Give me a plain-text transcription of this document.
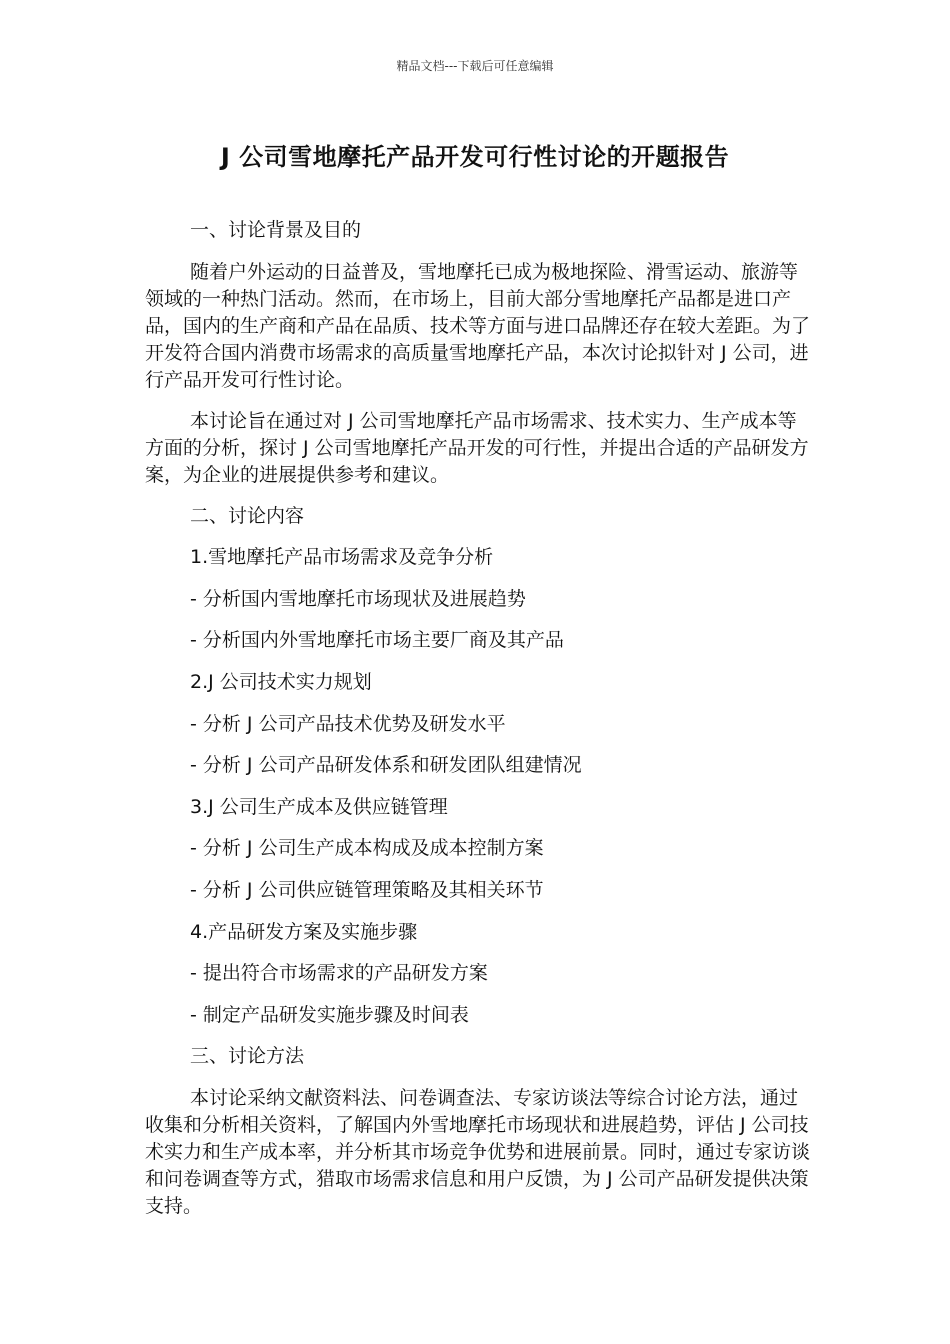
精品文档---下载后可任意编辑
J 公司雪地摩托产品开发可行性讨论的开题报告

一、讨论背景及目的

随着户外运动的日益普及，雪地摩托已成为极地探险、滑雪运动、旅游等领域的一种热门活动。然而，在市场上，目前大部分雪地摩托产品都是进口产品，国内的生产商和产品在品质、技术等方面与进口品牌还存在较大差距。为了开发符合国内消费市场需求的高质量雪地摩托产品，本次讨论拟针对 J 公司，进行产品开发可行性讨论。

本讨论旨在通过对 J 公司雪地摩托产品市场需求、技术实力、生产成本等方面的分析，探讨 J 公司雪地摩托产品开发的可行性，并提出合适的产品研发方案，为企业的进展提供参考和建议。

二、讨论内容

1.雪地摩托产品市场需求及竞争分析

- 分析国内雪地摩托市场现状及进展趋势

- 分析国内外雪地摩托市场主要厂商及其产品

2.J 公司技术实力规划

- 分析 J 公司产品技术优势及研发水平

- 分析 J 公司产品研发体系和研发团队组建情况

3.J 公司生产成本及供应链管理

- 分析 J 公司生产成本构成及成本控制方案

- 分析 J 公司供应链管理策略及其相关环节

4.产品研发方案及实施步骤

- 提出符合市场需求的产品研发方案

- 制定产品研发实施步骤及时间表

三、讨论方法

本讨论采纳文献资料法、问卷调查法、专家访谈法等综合讨论方法，通过收集和分析相关资料，了解国内外雪地摩托市场现状和进展趋势，评估 J 公司技术实力和生产成本率，并分析其市场竞争优势和进展前景。同时，通过专家访谈和问卷调查等方式，猎取市场需求信息和用户反馈，为 J 公司产品研发提供决策支持。
